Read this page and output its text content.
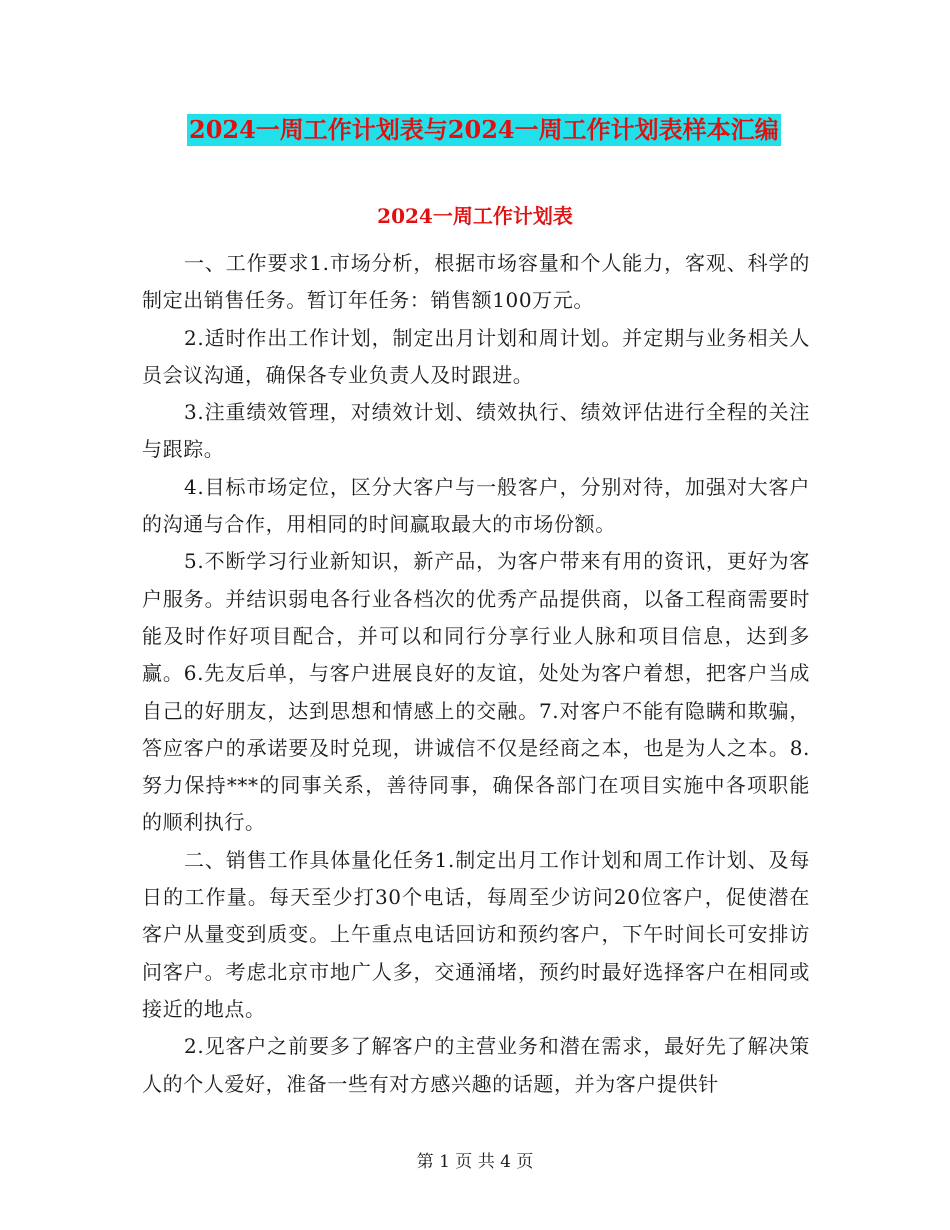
2024一周工作计划表与2024一周工作计划表样本汇编
2024一周工作计划表

一、工作要求1.市场分析，根据市场容量和个人能力，客观、科学的制定出销售任务。暂订年任务：销售额100万元。

2.适时作出工作计划，制定出月计划和周计划。并定期与业务相关人员会议沟通，确保各专业负责人及时跟进。

3.注重绩效管理，对绩效计划、绩效执行、绩效评估进行全程的关注与跟踪。

4.目标市场定位，区分大客户与一般客户，分别对待，加强对大客户的沟通与合作，用相同的时间赢取最大的市场份额。

5.不断学习行业新知识，新产品，为客户带来有用的资讯，更好为客户服务。并结识弱电各行业各档次的优秀产品提供商，以备工程商需要时能及时作好项目配合，并可以和同行分享行业人脉和项目信息，达到多赢。6.先友后单，与客户进展良好的友谊，处处为客户着想，把客户当成自己的好朋友，达到思想和情感上的交融。7.对客户不能有隐瞒和欺骗，答应客户的承诺要及时兑现，讲诚信不仅是经商之本，也是为人之本。8.努力保持***的同事关系，善待同事，确保各部门在项目实施中各项职能的顺利执行。

二、销售工作具体量化任务1.制定出月工作计划和周工作计划、及每日的工作量。每天至少打30个电话，每周至少访问20位客户，促使潜在客户从量变到质变。上午重点电话回访和预约客户，下午时间长可安排访问客户。考虑北京市地广人多，交通涌堵，预约时最好选择客户在相同或接近的地点。

2.见客户之前要多了解客户的主营业务和潜在需求，最好先了解决策人的个人爱好，准备一些有对方感兴趣的话题，并为客户提供针

第 1 页 共 4 页
